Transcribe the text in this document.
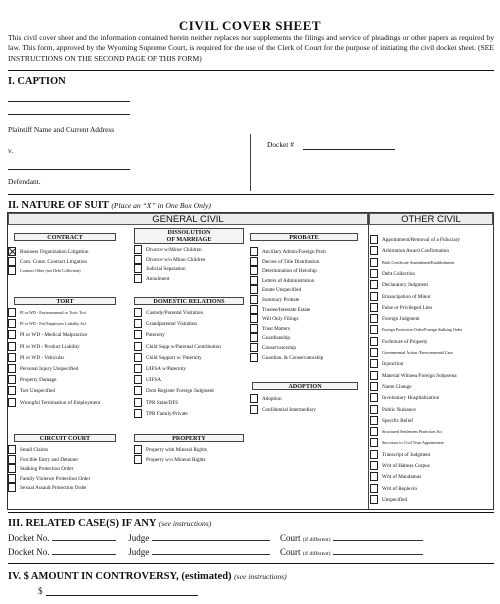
CIVIL COVER SHEET
This civil cover sheet and the information contained herein neither replaces nor supplements the filings and service of pleadings or other papers as required by law. This form, approved by the Wyoming Supreme Court, is required for the use of the Clerk of Court for the purpose of initiating the civil docket sheet. (SEE INSTRUCTIONS ON THE SECOND PAGE OF THIS FORM)
I. CAPTION
Plaintiff Name and Current Address
v.
Defendant.
Docket #
II. NATURE OF SUIT (Place an “X” in One Box Only)
GENERAL CIVIL	OTHER CIVIL
CONTRACT
DISSOLUTION
OF MARRIAGE	PROBATE
TORT	DOMESTIC RELATIONS
ADOPTION
CIRCUIT COURT	PROPERTY
Business Organization Litigation
Com. Const. Contract Litigation
Contract Other (not Debt Collection)
Divorce w/Minor Children
Divorce w/o Minor Children
Judicial Separation
Annulment
Ancillary Admin/Foreign Prob
Decree of Title Distribution
Determination of Heirship
Letters of Administration
Estate Unspecified
Summary Probate
Trustee/Intestate Estate
Will Only Filings
Trust Matters
Guardianship
Conservatorship
Guardian. & Conservatorship
PI or WD - Environmental or Toxic Tort
PI or WD - Fed Employers Liability Act
PI or WD - Medical Malpractice
PI or WD - Product Liability
PI or WD - Vehicular
Personal Injury Unspecified
Property Damage
Tort Unspecified
Wrongful Termination of Employment
Custody/Parental Visitation
Grandparental Visitation
Paternity
Child Supp w/Parental Contribution
Child Support w/ Paternity
UIFSA w/Paternity
UIFSA
Dom Register Foreign Judgment
TPR State/DFS
TPR Family/Private
Adoption
Confidential Intermediary
Small Claims
Forcible Entry and Detainer
Stalking Protection Order
Family Violence Protection Order
Sexual Assault Protection Order
Property with Mineral Rights
Property w/o Mineral Rights
Appointment/Removal of a Fiduciary
Arbitration Award Confirmation
Birth Certificate Amendment/Establishment
Debt Collection
Declaratory Judgment
Emancipation of Minor
False or Privileged Lien
Foreign Judgment
Foreign Protection Order/Foreign Stalking Order
Forfeiture of Property
Governmental Action /Environmental Case
Injunction
Material Witness/Foreign Subpoena
Name Change
Involuntary Hospitalization
Public Nuisance
Specific Relief
Structured Settlement Protection Act
Successor to Civil Trust Appointment
Transcript of Judgment
Writ of Habeas Corpus
Writ of Mandamus
Writ of Replevin
Unspecified
III. RELATED CASE(S) IF ANY (see instructions)
Docket No.	Judge	Court (if different)
Docket No.	Judge	Court (if different)
IV. $ AMOUNT IN CONTROVERSY, (estimated) (see instructions)
$
